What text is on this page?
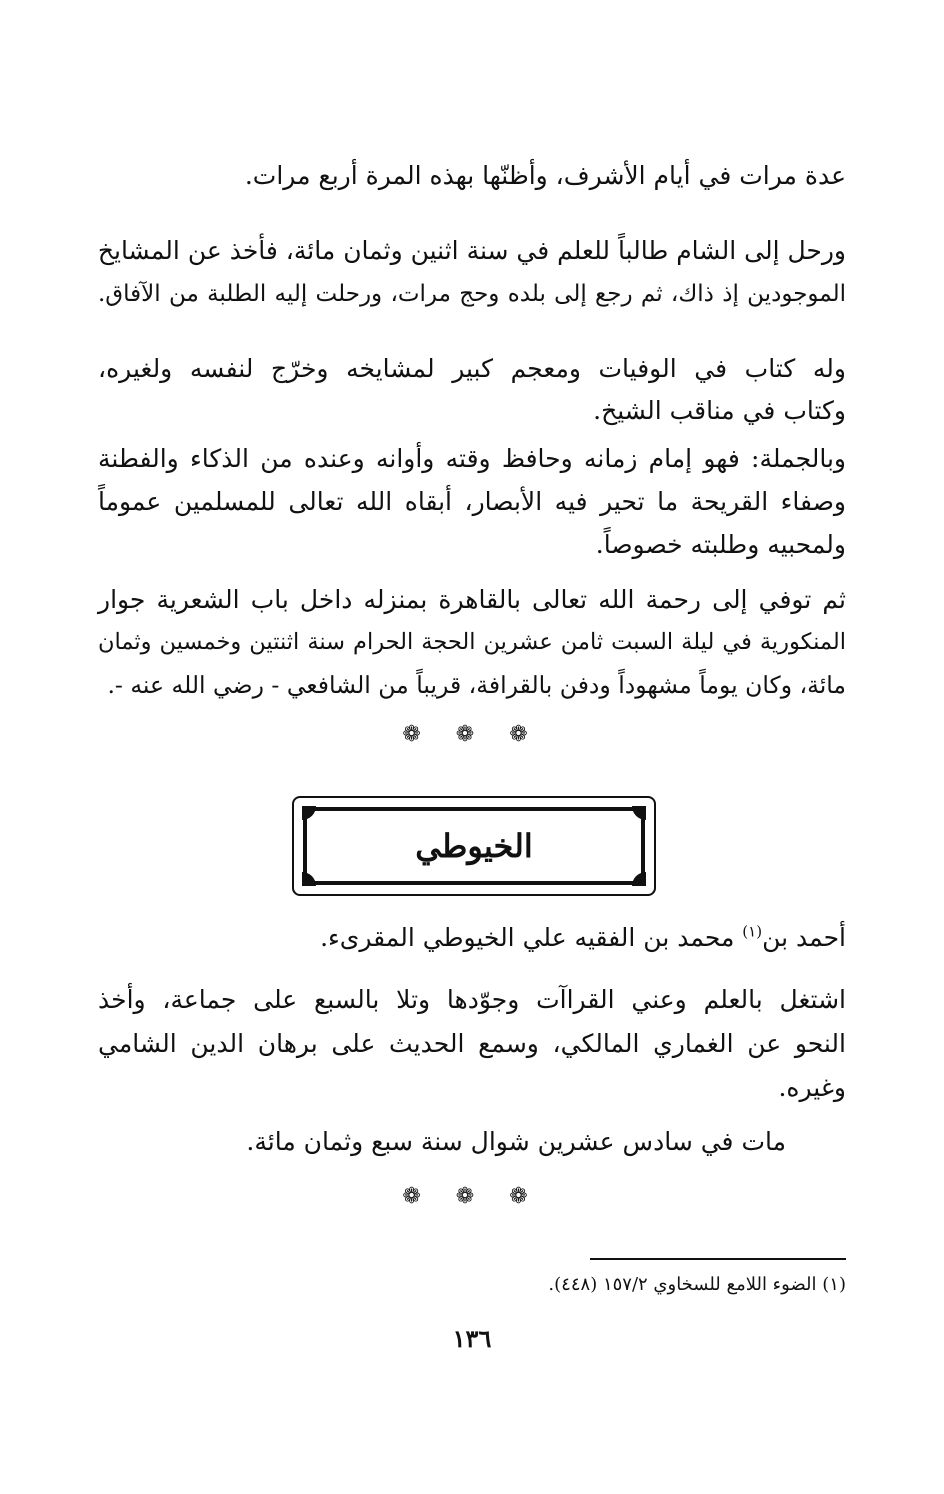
عدة مرات في أيام الأشرف، وأظنّها بهذه المرة أربع مرات.

ورحل إلى الشام طالباً للعلم في سنة اثنين وثمان مائة، فأخذ عن المشايخ

الموجودين إذ ذاك، ثم رجع إلى بلده وحج مرات، ورحلت إليه الطلبة من الآفاق.

وله كتاب في الوفيات ومعجم كبير لمشايخه وخرّج لنفسه ولغيره،

وكتاب في مناقب الشيخ.

وبالجملة: فهو إمام زمانه وحافظ وقته وأوانه وعنده من الذكاء والفطنة

وصفاء القريحة ما تحير فيه الأبصار، أبقاه الله تعالى للمسلمين عموماً

ولمحبيه وطلبته خصوصاً.

ثم توفي إلى رحمة الله تعالى بالقاهرة بمنزله داخل باب الشعرية جوار

المنكورية في ليلة السبت ثامن عشرين الحجة الحرام سنة اثنتين وخمسين وثمان

مائة، وكان يوماً مشهوداً ودفن بالقرافة، قريباً من الشافعي - رضي الله عنه -.

❁ ❁ ❁
الخيوطي

أحمد بن$^{(١)}$ محمد بن الفقيه علي الخيوطي المقرىء.

اشتغل بالعلم وعني القراآت وجوّدها وتلا بالسبع على جماعة، وأخذ

النحو عن الغماري المالكي، وسمع الحديث على برهان الدين الشامي

وغيره.

مات في سادس عشرين شوال سنة سبع وثمان مائة.

❁ ❁ ❁
(١) الضوء اللامع للسخاوي ١٥٧/٢ (٤٤٨).
١٣٦
